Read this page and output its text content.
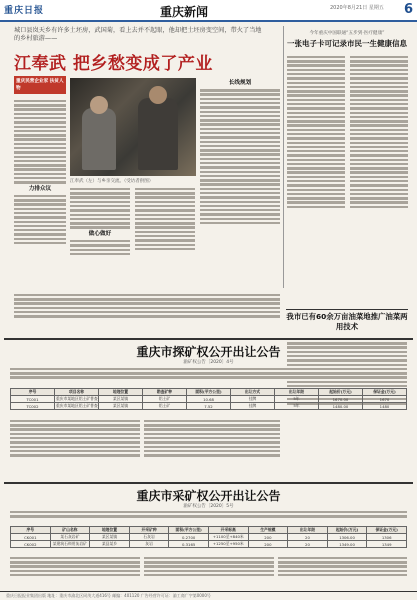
重庆日报	重庆新闻	2020年8月21日 星期五 6
城口县岚天乡有许多土坯房，武国菊，看上去并不起眼，他却把土坯房变空间，带火了当地的乡村旅游——
江奉武 把乡愁变成了产业
重庆民营企业家 扶贫人物
江奉武（左）与乡亲交流。（受访者供图）
力排众议
做心做好
长线规划
今年重庆中国联通“五步到·医疗健康”
一张电子卡可记录市民一生健康信息
我市已有60余万亩油菜地推广油菜两用技术
重庆市探矿权公开出让公告
渝矿权公告〔2020〕4号
序号	项目名称	地理位置	勘查矿种	面积(平方公里)	出让方式	出让年限	起始价(万元)	保证金(万元)
TC001	重庆市某地区铝土矿普查	某区某镇	铝土矿	10.68	挂牌	5年	1670.00	1670
TC002	重庆市某地区铝土矿普查	某区某镇	铝土矿	7.52	挂牌	5年	1480.00	1480
重庆市采矿权公开出让公告
渝矿权公告〔2020〕5号
序号	矿山名称	地理位置	开采矿种	面积(平方公里)	开采标高	生产规模	出让年限	起始价(万元)	保证金(万元)
CK001	某石灰岩矿	某区某镇	石灰岩	0.2700	+1100至+840米	200	20	1306.00	1306
CK002	某建筑石料用灰岩矿	某县某乡	灰岩	0.3165	+1250至+950米	200	20	1349.00	1349
重庆日报报业集团出版 地址：重庆市渝北区同茂大道416号 邮编：401120 广告经营许可证：渝工商广字第0000号
